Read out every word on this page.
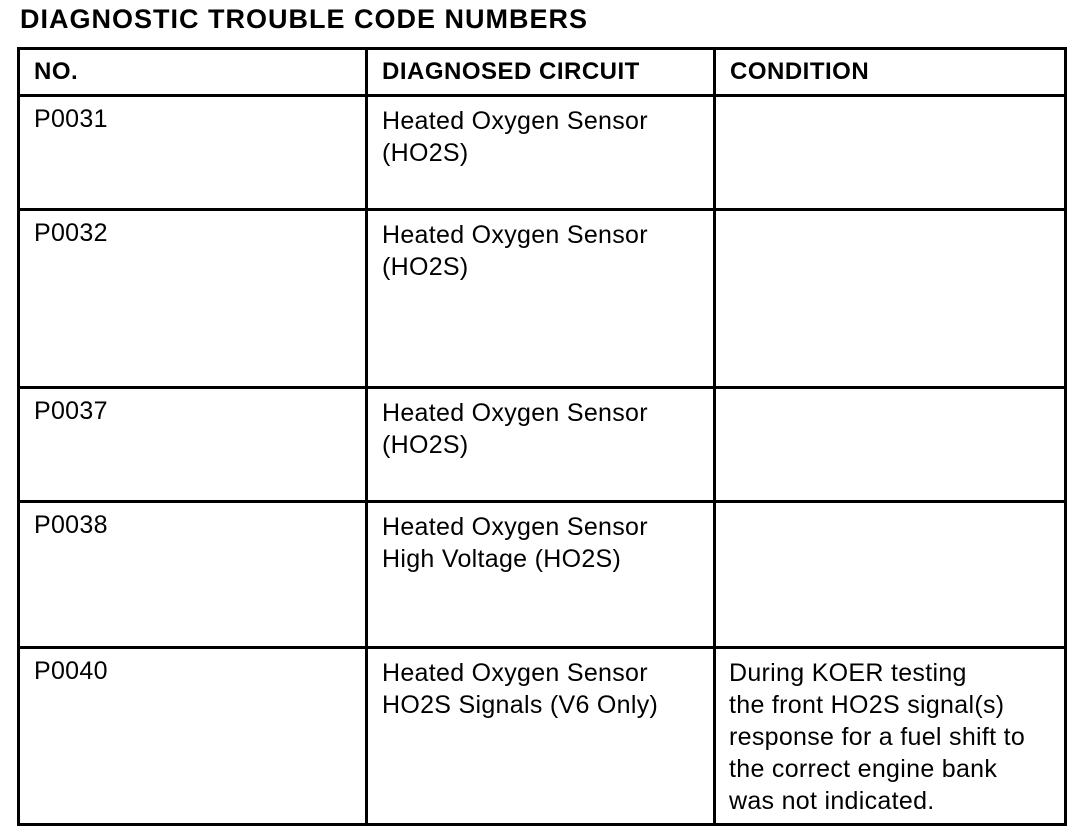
DIAGNOSTIC TROUBLE CODE NUMBERS
NO.	DIAGNOSED CIRCUIT	CONDITION
P0031	Heated Oxygen Sensor
(HO2S)	

P0032	Heated Oxygen Sensor
(HO2S)	

P0037	Heated Oxygen Sensor
(HO2S)	

P0038	Heated Oxygen Sensor
High Voltage (HO2S)	

P0040	Heated Oxygen Sensor
HO2S Signals (V6 Only)	During KOER testing
the front HO2S signal(s)
response for a fuel shift to
the correct engine bank
was not indicated.
